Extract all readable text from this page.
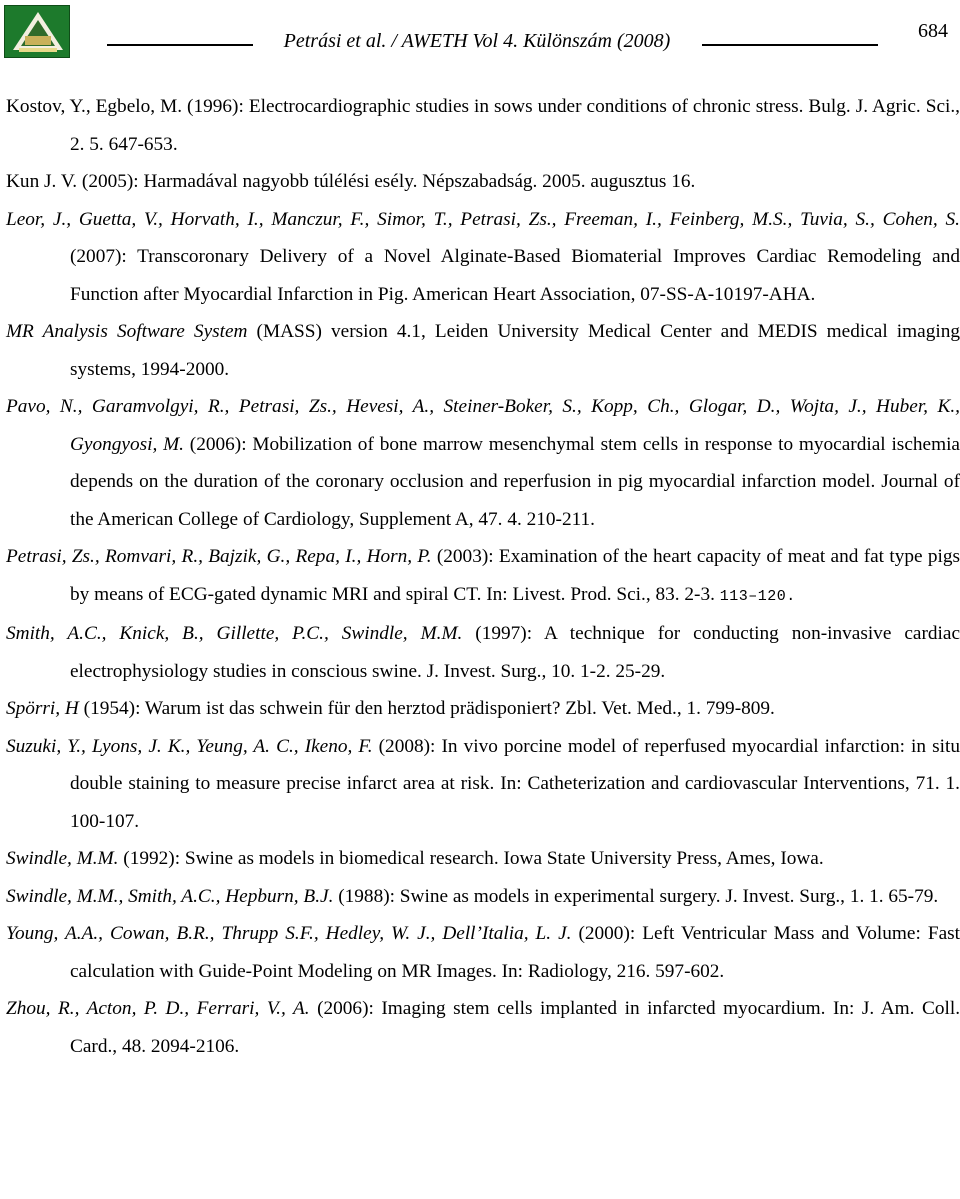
Petrási et al. / AWETH Vol 4. Különszám (2008)	684
Kostov, Y., Egbelo, M. (1996): Electrocardiographic studies in sows under conditions of chronic stress. Bulg. J. Agric. Sci., 2. 5. 647-653.
Kun J. V. (2005): Harmadával nagyobb túlélési esély. Népszabadság. 2005. augusztus 16.
Leor, J., Guetta, V., Horvath, I., Manczur, F., Simor, T., Petrasi, Zs., Freeman, I., Feinberg, M.S., Tuvia, S., Cohen, S. (2007): Transcoronary Delivery of a Novel Alginate-Based Biomaterial Improves Cardiac Remodeling and Function after Myocardial Infarction in Pig. American Heart Association, 07-SS-A-10197-AHA.
MR Analysis Software System (MASS) version 4.1, Leiden University Medical Center and MEDIS medical imaging systems, 1994-2000.
Pavo, N., Garamvolgyi, R., Petrasi, Zs., Hevesi, A., Steiner-Boker, S., Kopp, Ch., Glogar, D., Wojta, J., Huber, K., Gyongyosi, M. (2006): Mobilization of bone marrow mesenchymal stem cells in response to myocardial ischemia depends on the duration of the coronary occlusion and reperfusion in pig myocardial infarction model. Journal of the American College of Cardiology, Supplement A, 47. 4. 210-211.
Petrasi, Zs., Romvari, R., Bajzik, G., Repa, I., Horn, P. (2003): Examination of the heart capacity of meat and fat type pigs by means of ECG-gated dynamic MRI and spiral CT. In: Livest. Prod. Sci., 83. 2-3. 113–120.
Smith, A.C., Knick, B., Gillette, P.C., Swindle, M.M. (1997): A technique for conducting non-invasive cardiac electrophysiology studies in conscious swine. J. Invest. Surg., 10. 1-2. 25-29.
Spörri, H (1954): Warum ist das schwein für den herztod prädisponiert? Zbl. Vet. Med., 1. 799-809.
Suzuki, Y., Lyons, J. K., Yeung, A. C., Ikeno, F. (2008): In vivo porcine model of reperfused myocardial infarction: in situ double staining to measure precise infarct area at risk. In: Catheterization and cardiovascular Interventions, 71. 1. 100-107.
Swindle, M.M. (1992): Swine as models in biomedical research. Iowa State University Press, Ames, Iowa.
Swindle, M.M., Smith, A.C., Hepburn, B.J. (1988): Swine as models in experimental surgery. J. Invest. Surg., 1. 1. 65-79.
Young, A.A., Cowan, B.R., Thrupp S.F., Hedley, W. J., Dell’Italia, L. J. (2000): Left Ventricular Mass and Volume: Fast calculation with Guide-Point Modeling on MR Images. In: Radiology, 216. 597-602.
Zhou, R., Acton, P. D., Ferrari, V., A. (2006): Imaging stem cells implanted in infarcted myocardium. In: J. Am. Coll. Card., 48. 2094-2106.
